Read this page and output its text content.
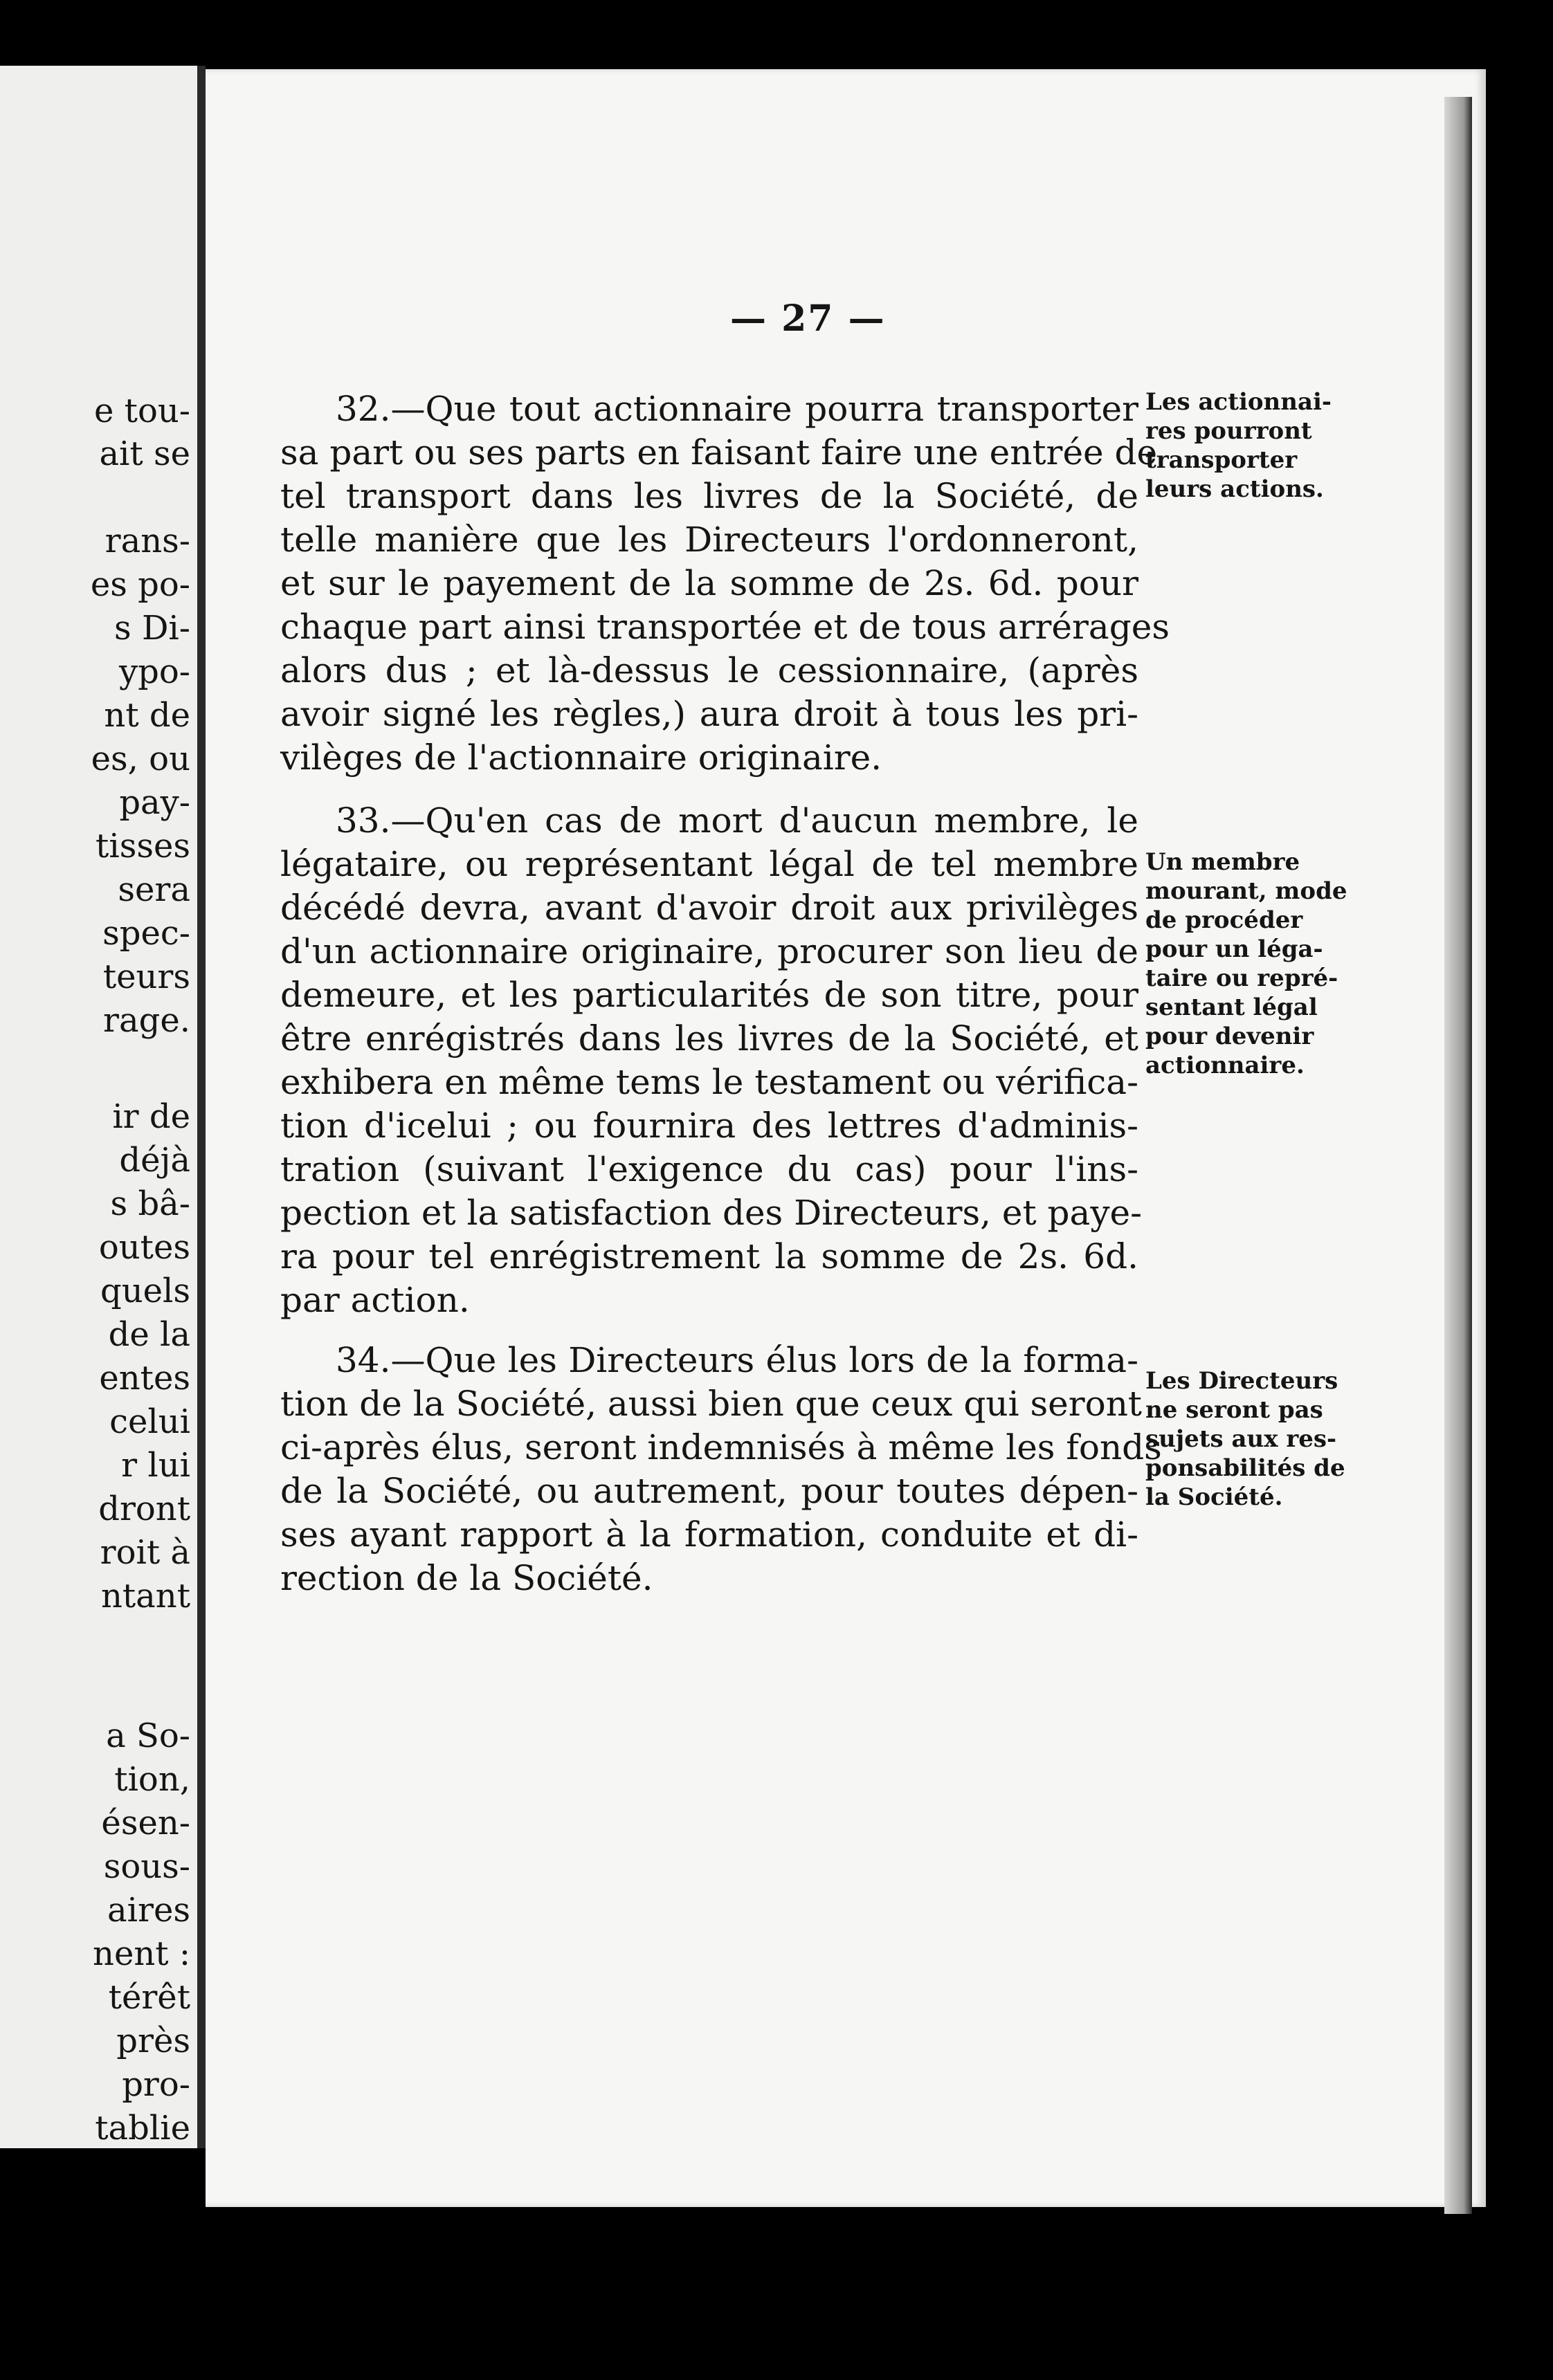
e tou-
ait se
rans-
es po-
s Di-
ypo-
nt de
es, ou
pay-
tisses
sera
spec-
teurs
rage.
ir de
déjà
s bâ-
outes
quels
de la
entes
celui
r lui
dront
roit à
ntant
a So-
tion,
ésen-
sous-
aires
nent :
térêt
près
pro-
tablie
— 27 —
32.—Que tout actionnaire pourra transporter
sa part ou ses parts en faisant faire une entrée de
tel transport dans les livres de la Société, de
telle manière que les Directeurs l'ordonneront,
et sur le payement de la somme de 2s. 6d. pour
chaque part ainsi transportée et de tous arrérages
alors dus ; et là-dessus le cessionnaire, (après
avoir signé les règles,) aura droit à tous les pri-
vilèges de l'actionnaire originaire.
Les actionnai-
res pourront
transporter
leurs actions.
33.—Qu'en cas de mort d'aucun membre, le
légataire, ou représentant légal de tel membre
décédé devra, avant d'avoir droit aux privilèges
d'un actionnaire originaire, procurer son lieu de
demeure, et les particularités de son titre, pour
être enrégistrés dans les livres de la Société, et
exhibera en même tems le testament ou vérifica-
tion d'icelui ; ou fournira des lettres d'adminis-
tration (suivant l'exigence du cas) pour l'ins-
pection et la satisfaction des Directeurs, et paye-
ra pour tel enrégistrement la somme de 2s. 6d.
par action.
Un membre
mourant, mode
de procéder
pour un léga-
taire ou repré-
sentant légal
pour devenir
actionnaire.
34.—Que les Directeurs élus lors de la forma-
tion de la Société, aussi bien que ceux qui seront
ci-après élus, seront indemnisés à même les fonds
de la Société, ou autrement, pour toutes dépen-
ses ayant rapport à la formation, conduite et di-
rection de la Société.
Les Directeurs
ne seront pas
sujets aux res-
ponsabilités de
la Société.
